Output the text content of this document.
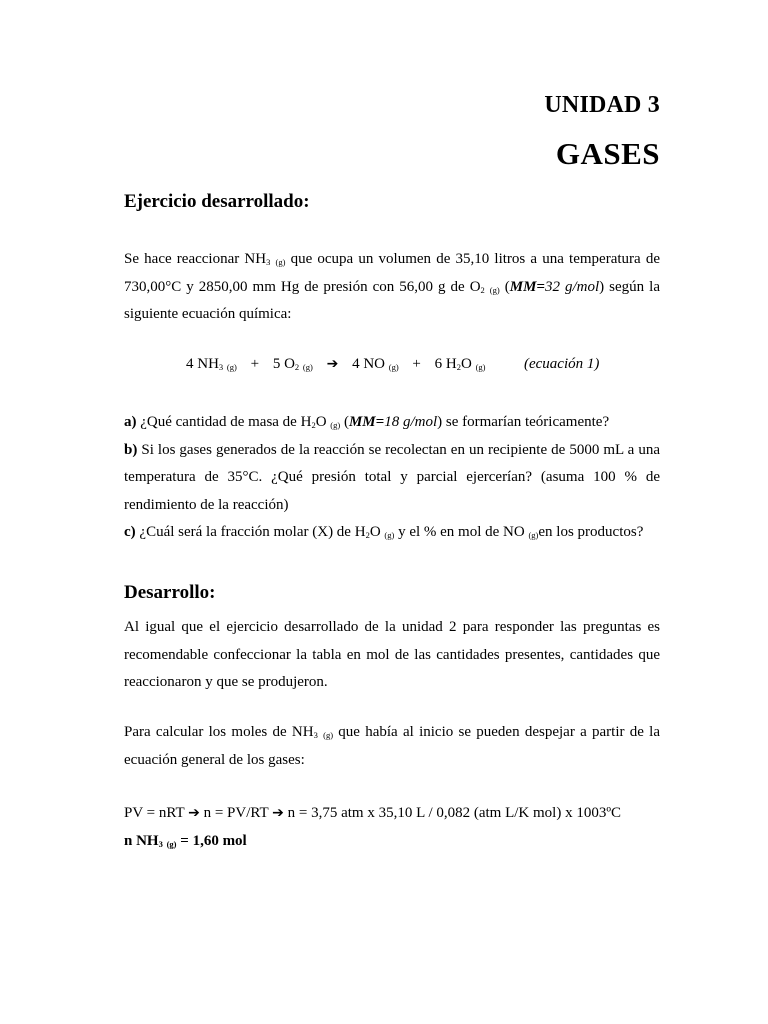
UNIDAD 3
GASES
Ejercicio desarrollado:
Se hace reaccionar $NH_3$ $_{(g)}$ que ocupa un volumen de 35,10 litros a una temperatura de
730,00°C y 2850,00 mm Hg de presión con 56,00 g de $O_2$ $_{(g)}$ (MM=32 g/mol) según la
siguiente ecuación química:
4 $NH_3$ $_{(g)}$ + 5 $O_2$ $_{(g)}$ ➔ 4 NO $_{(g)}$ + 6 $H_2O$ $_{(g)}$	(ecuación 1)
a) ¿Qué cantidad de masa de $H_2O$ $_{(g)}$ (MM=18 g/mol) se formarían teóricamente?
b) Si los gases generados de la reacción se recolectan en un recipiente de 5000 mL a una
temperatura de 35°C. ¿Qué presión total y parcial ejercerían? (asuma 100 % de
rendimiento de la reacción)
c) ¿Cuál será la fracción molar (X) de $H_2O$ $_{(g)}$ y el % en mol de NO $_{(g)}$en los productos?
Desarrollo:
Al igual que el ejercicio desarrollado de la unidad 2 para responder las preguntas es
recomendable confeccionar la tabla en mol de las cantidades presentes, cantidades que
reaccionaron y que se produjeron.
Para calcular los moles de $NH_3$ $_{(g)}$ que había al inicio se pueden despejar a partir de la
ecuación general de los gases:
PV = nRT ➔ n = PV/RT ➔ n = 3,75 atm x 35,10 L / 0,082 (atm L/K mol) x 1003ºC
n $NH_3$ $_{(g)}$ = 1,60 mol
